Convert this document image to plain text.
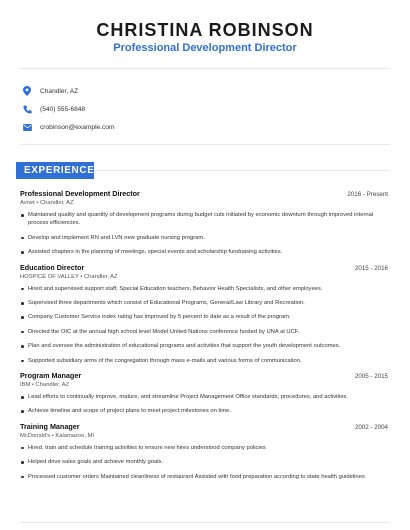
CHRISTINA ROBINSON
Professional Development Director
Chandler, AZ
(540) 555-6848
crobinson@example.com
EXPERIENCE
Professional Development Director	2016 - Present
Avnet • Chandler, AZ
Maintained quality and quantity of development programs during budget cuts initiated by economic downturn through improved internal process efficiencies.
Develop and implement RN and LVN new graduate nursing program.
Assisted chapters in the planning of meetings, special events and scholarship fundraising activities.
Education Director	2015 - 2016
HOSPICE OF VALLEY • Chandler, AZ
Hired and supervised support staff, Special Education teachers, Behavior Health Specialists, and other employees.
Supervised three departments which consist of Educational Programs, General/Law Library and Recreation.
Company Customer Service index rating has improved by 5 percent to date as a result of the program.
Directed the OIC at the annual high school level Model United Nations conference hosted by UNA at UCF.
Plan and oversee the administration of educational programs and activities that support the youth development outcomes.
Supported subsidiary arms of the congregation through mass e-mails and various forms of communication.
Program Manager	2005 - 2015
IBM • Chandler, AZ
Lead efforts to continually improve, mature, and streamline Project Management Office standards, procedures, and activities.
Achieve timeline and scope of project plans to meet project milestones on time.
Training Manager	2002 - 2004
McDonald's • Kalamazoo, MI
Hired, train and schedule training activities to ensure new hires understood company policies
Helped drive sales goals and achieve monthly goals.
Processed customer orders Maintained cleanliness of restaurant Assisted with food preparation according to state health guidelines
